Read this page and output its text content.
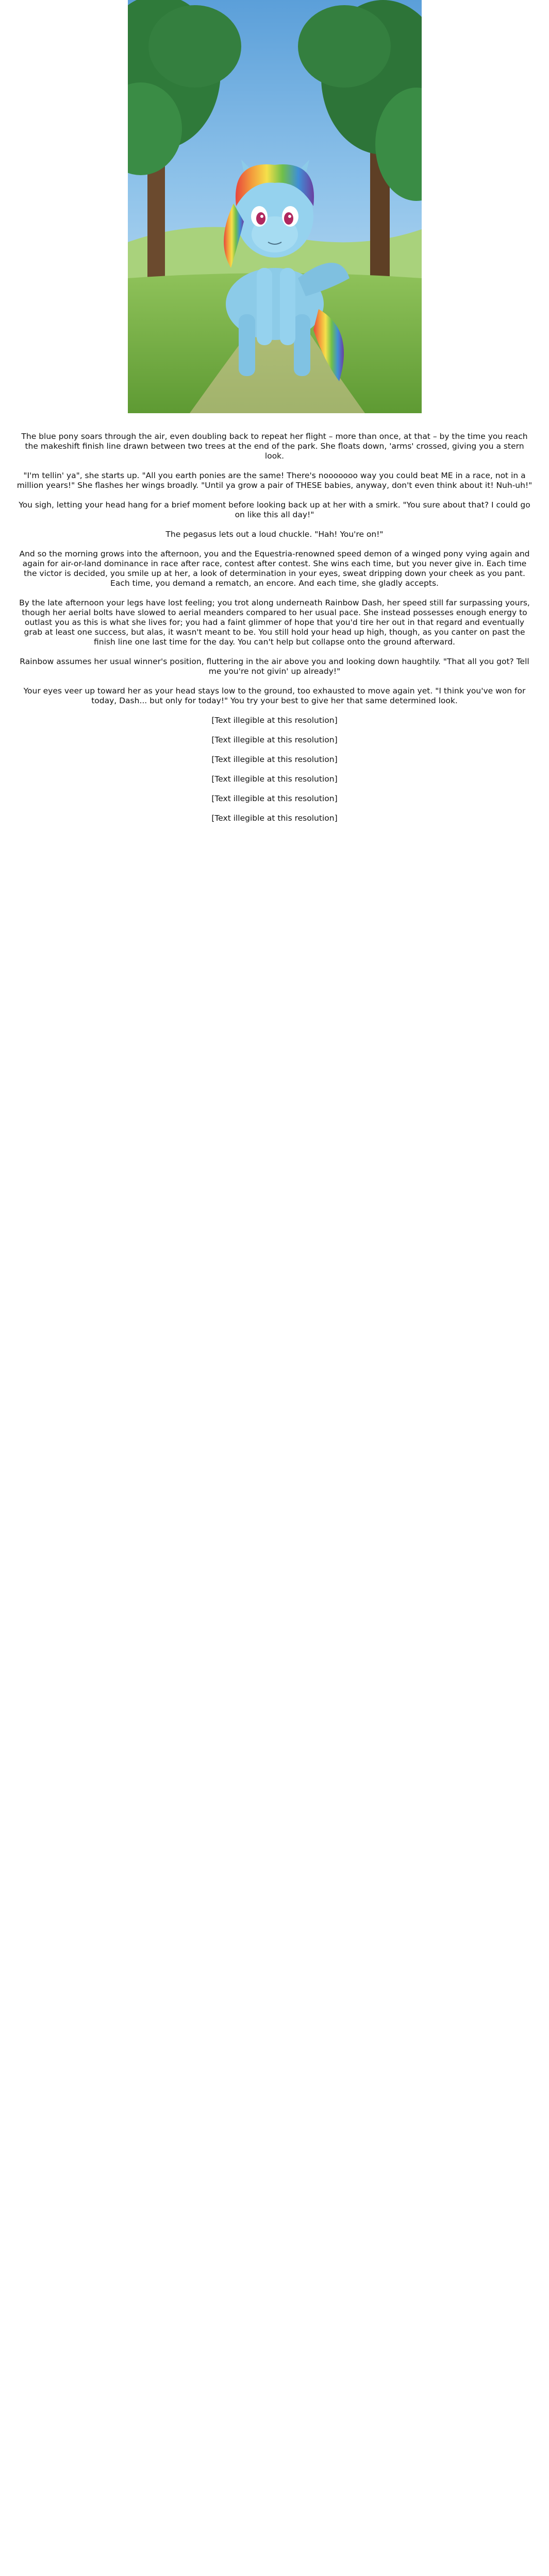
The blue pony soars through the air, even doubling back to repeat her flight – more than once, at that – by the time you reach the makeshift finish line drawn between two trees at the end of the park. She floats down, 'arms' crossed, giving you a stern look.

"I'm tellin' ya", she starts up. "All you earth ponies are the same! There's nooooooo way you could beat ME in a race, not in a million years!" She flashes her wings broadly. "Until ya grow a pair of THESE babies, anyway, don't even think about it! Nuh-uh!"

You sigh, letting your head hang for a brief moment before looking back up at her with a smirk. "You sure about that? I could go on like this all day!"

The pegasus lets out a loud chuckle. "Hah! You're on!"

And so the morning grows into the afternoon, you and the Equestria-renowned speed demon of a winged pony vying again and again for air-or-land dominance in race after race, contest after contest. She wins each time, but you never give in. Each time the victor is decided, you smile up at her, a look of determination in your eyes, sweat dripping down your cheek as you pant. Each time, you demand a rematch, an encore. And each time, she gladly accepts.

By the late afternoon your legs have lost feeling; you trot along underneath Rainbow Dash, her speed still far surpassing yours, though her aerial bolts have slowed to aerial meanders compared to her usual pace. She instead possesses enough energy to outlast you as this is what she lives for; you had a faint glimmer of hope that you'd tire her out in that regard and eventually grab at least one success, but alas, it wasn't meant to be. You still hold your head up high, though, as you canter on past the finish line one last time for the day. You can't help but collapse onto the ground afterward.

Rainbow assumes her usual winner's position, fluttering in the air above you and looking down haughtily. "That all you got? Tell me you're not givin' up already!"

Your eyes veer up toward her as your head stays low to the ground, too exhausted to move again yet. "I think you've won for today, Dash... but only for today!" You try your best to give her that same determined look.

[Text illegible at this resolution]

[Text illegible at this resolution]

[Text illegible at this resolution]

[Text illegible at this resolution]

[Text illegible at this resolution]

[Text illegible at this resolution]
